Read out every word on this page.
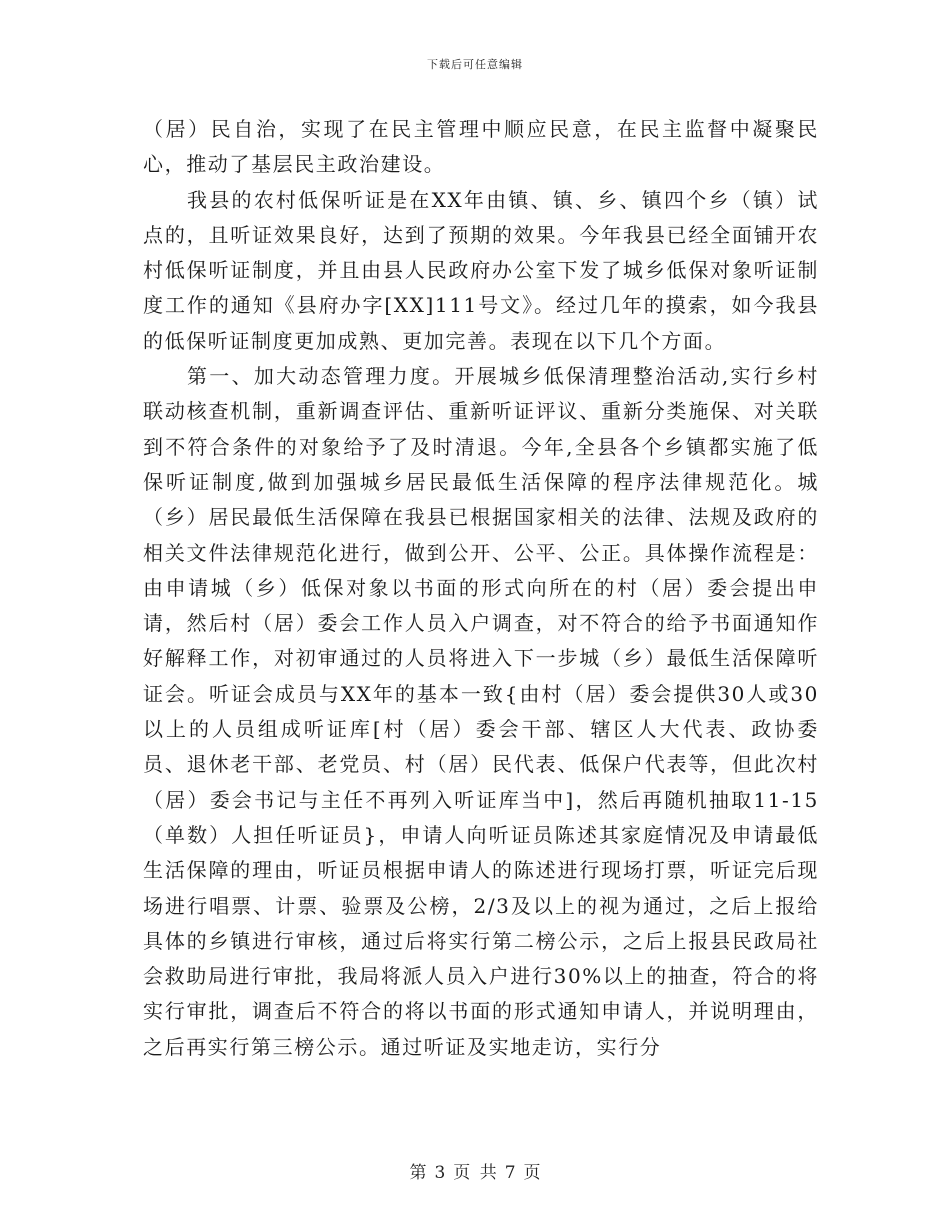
下载后可任意编辑

（居）民自治，实现了在民主管理中顺应民意，在民主监督中凝聚民心，推动了基层民主政治建设。

我县的农村低保听证是在XX年由镇、镇、乡、镇四个乡（镇）试点的，且听证效果良好，达到了预期的效果。今年我县已经全面铺开农村低保听证制度，并且由县人民政府办公室下发了城乡低保对象听证制度工作的通知《县府办字[XX]111号文》。经过几年的摸索，如今我县的低保听证制度更加成熟、更加完善。表现在以下几个方面。

第一、加大动态管理力度。开展城乡低保清理整治活动,实行乡村联动核查机制，重新调查评估、重新听证评议、重新分类施保、对关联到不符合条件的对象给予了及时清退。今年,全县各个乡镇都实施了低保听证制度,做到加强城乡居民最低生活保障的程序法律规范化。城（乡）居民最低生活保障在我县已根据国家相关的法律、法规及政府的相关文件法律规范化进行，做到公开、公平、公正。具体操作流程是：由申请城（乡）低保对象以书面的形式向所在的村（居）委会提出申请，然后村（居）委会工作人员入户调查，对不符合的给予书面通知作好解释工作，对初审通过的人员将进入下一步城（乡）最低生活保障听证会。听证会成员与XX年的基本一致{由村（居）委会提供30人或30以上的人员组成听证库[村（居）委会干部、辖区人大代表、政协委员、退休老干部、老党员、村（居）民代表、低保户代表等，但此次村（居）委会书记与主任不再列入听证库当中]，然后再随机抽取11-15（单数）人担任听证员}，申请人向听证员陈述其家庭情况及申请最低生活保障的理由，听证员根据申请人的陈述进行现场打票，听证完后现场进行唱票、计票、验票及公榜，2/3及以上的视为通过，之后上报给具体的乡镇进行审核，通过后将实行第二榜公示，之后上报县民政局社会救助局进行审批，我局将派人员入户进行30%以上的抽查，符合的将实行审批，调查后不符合的将以书面的形式通知申请人，并说明理由，之后再实行第三榜公示。通过听证及实地走访，实行分

第 3 页 共 7 页
